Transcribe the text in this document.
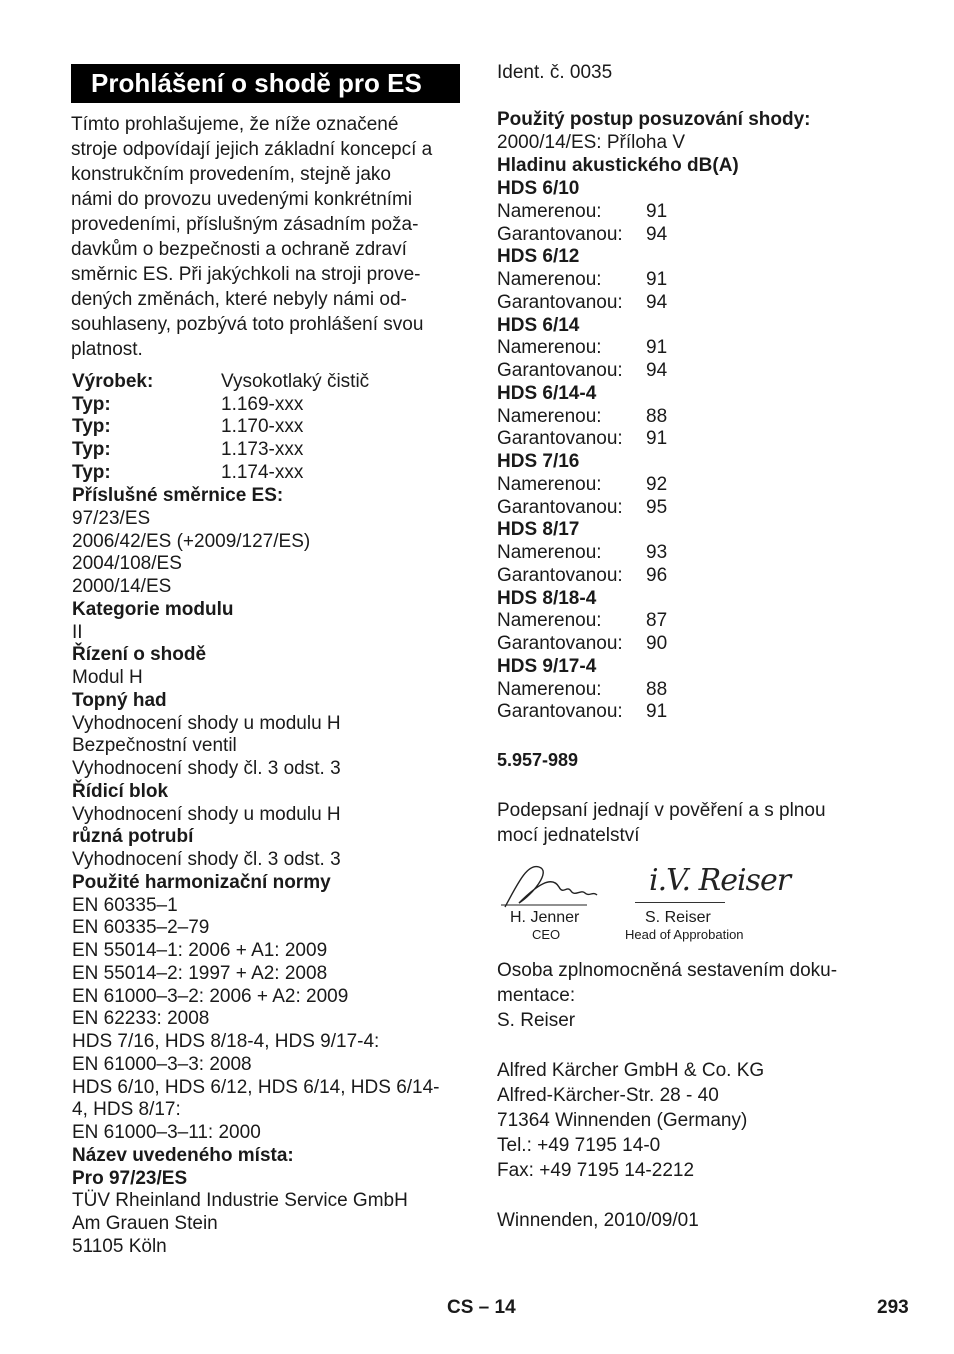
Prohlášení o shodě pro ES
Tímto prohlašujeme, že níže označené
stroje odpovídají jejich základní koncepcí a
konstrukčním provedením, stejně jako
námi do provozu uvedenými konkrétními
provedeními, příslušným zásadním poža-
davkům o bezpečnosti a ochraně zdraví
směrnic ES. Při jakýchkoli na stroji prove-
dených změnách, které nebyly námi od-
souhlaseny, pozbývá toto prohlášení svou
platnost.
Výrobek:	Vysokotlaký čistič
Typ:	1.169-xxx
Typ:	1.170-xxx
Typ:	1.173-xxx
Typ:	1.174-xxx
Příslušné směrnice ES:
97/23/ES
2006/42/ES (+2009/127/ES)
2004/108/ES
2000/14/ES
Kategorie modulu
II
Řízení o shodě
Modul H
Topný had
Vyhodnocení shody u modulu H
Bezpečnostní ventil
Vyhodnocení shody čl. 3 odst. 3
Řídicí blok
Vyhodnocení shody u modulu H
různá potrubí
Vyhodnocení shody čl. 3 odst. 3
Použité harmonizační normy
EN 60335–1
EN 60335–2–79
EN 55014–1: 2006 + A1: 2009
EN 55014–2: 1997 + A2: 2008
EN 61000–3–2: 2006 + A2: 2009
EN 62233: 2008
HDS 7/16, HDS 8/18-4, HDS 9/17-4:
EN 61000–3–3: 2008
HDS 6/10, HDS 6/12, HDS 6/14, HDS 6/14-
4, HDS 8/17:
EN 61000–3–11: 2000
Název uvedeného místa:
Pro 97/23/ES
TÜV Rheinland Industrie Service GmbH
Am Grauen Stein
51105 Köln
Ident. č. 0035
Použitý postup posuzování shody:
2000/14/ES: Příloha V
Hladinu akustického dB(A)
HDS 6/10
Namerenou: 91
Garantovanou: 94
HDS 6/12
Namerenou: 91
Garantovanou: 94
HDS 6/14
Namerenou: 91
Garantovanou: 94
HDS 6/14-4
Namerenou: 88
Garantovanou: 91
HDS 7/16
Namerenou: 92
Garantovanou: 95
HDS 8/17
Namerenou: 93
Garantovanou: 96
HDS 8/18-4
Namerenou: 87
Garantovanou: 90
HDS 9/17-4
Namerenou: 88
Garantovanou: 91
5.957-989
Podepsaní jednají v pověření a s plnou
mocí jednatelství
i.V. Reiser
H. Jenner	S. Reiser
CEO	Head of Approbation
Osoba zplnomocněná sestavením doku-
mentace:
S. Reiser
Alfred Kärcher GmbH & Co. KG
Alfred-Kärcher-Str. 28 - 40
71364 Winnenden (Germany)
Tel.: +49 7195 14-0
Fax: +49 7195 14-2212
Winnenden, 2010/09/01
CS – 14	293
